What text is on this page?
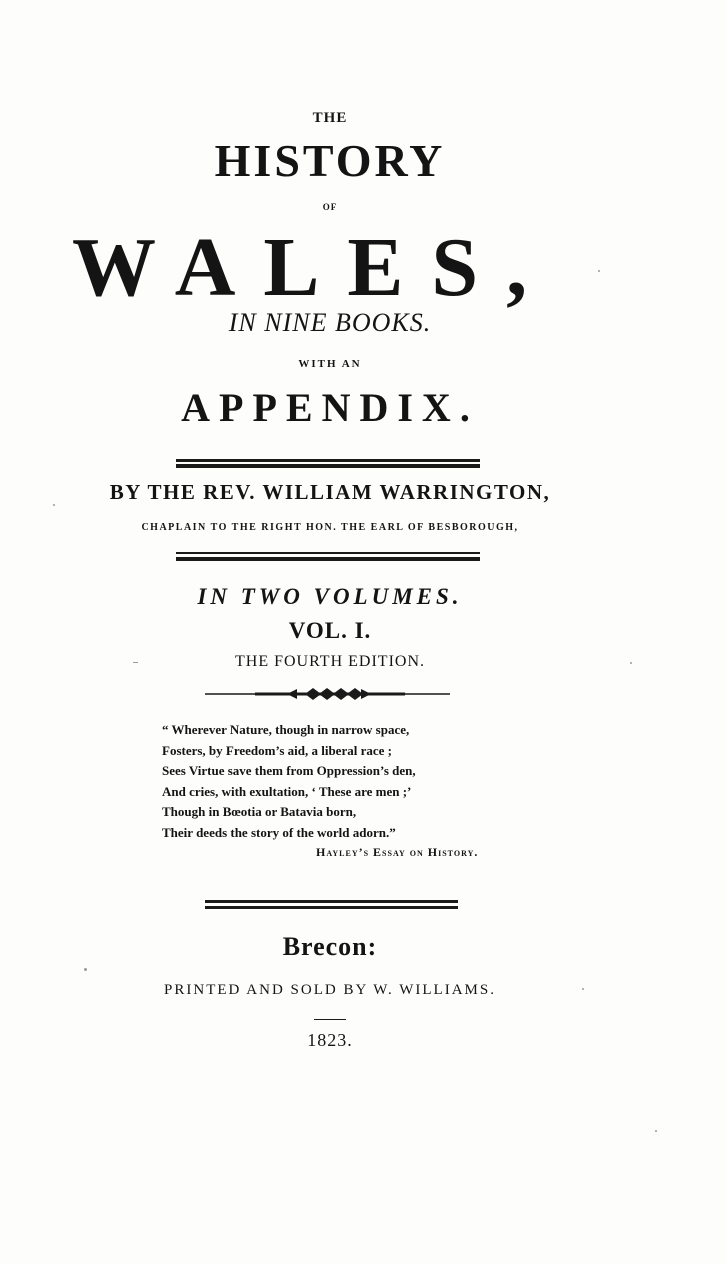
THE
HISTORY
OF
WALES,
IN NINE BOOKS.
WITH AN
APPENDIX.
BY THE REV. WILLIAM WARRINGTON,
CHAPLAIN TO THE RIGHT HON. THE EARL OF BESBOROUGH,
IN TWO VOLUMES.
VOL. I.
THE FOURTH EDITION.
“ Wherever Nature, though in narrow space,
Fosters, by Freedom’s aid, a liberal race ;
Sees Virtue save them from Oppression’s den,
And cries, with exultation, ‘ These are men ;’
Though in Bœotia or Batavia born,
Their deeds the story of the world adorn.”
Hayley’s Essay on History.
Brecon:
PRINTED AND SOLD BY W. WILLIAMS.
1823.
